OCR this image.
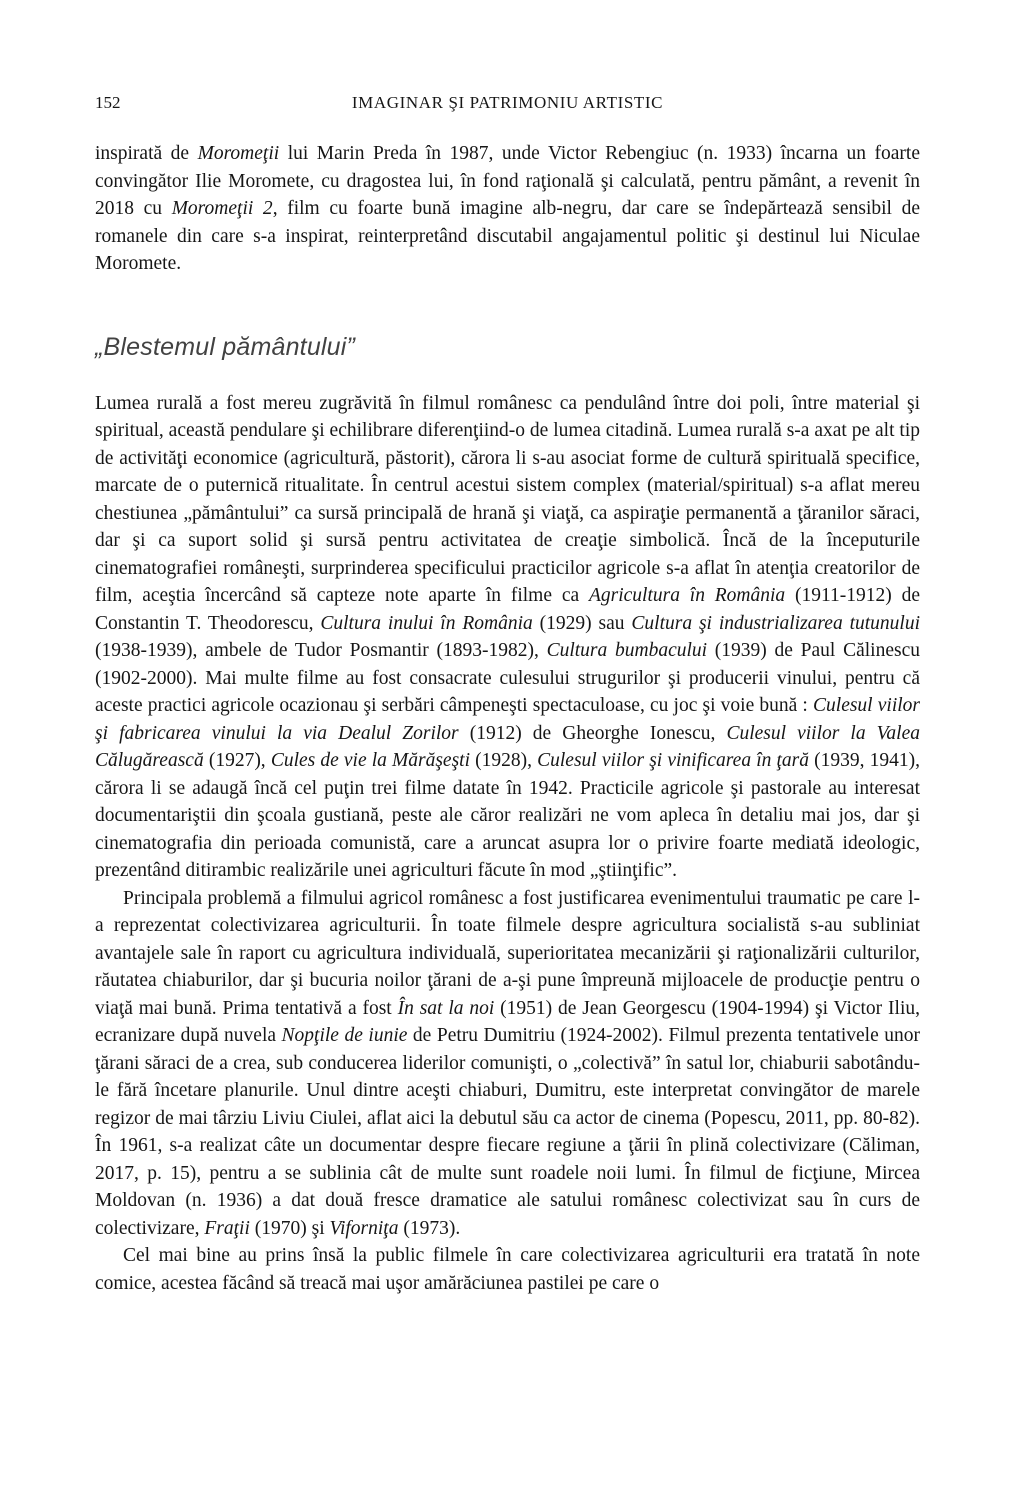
152	IMAGINAR ŞI PATRIMONIU ARTISTIC

inspirată de Moromeţii lui Marin Preda în 1987, unde Victor Rebengiuc (n. 1933) încarna un foarte convingător Ilie Moromete, cu dragostea lui, în fond raţională şi calculată, pentru pământ, a revenit în 2018 cu Moromeţii 2, film cu foarte bună imagine alb-negru, dar care se îndepărtează sensibil de romanele din care s-a inspirat, reinterpretând discutabil angajamentul politic şi destinul lui Niculae Moromete.

„Blestemul pământului”

Lumea rurală a fost mereu zugrăvită în filmul românesc ca pendulând între doi poli, între material şi spiritual, această pendulare şi echilibrare diferenţiind-o de lumea citadină. Lumea rurală s-a axat pe alt tip de activităţi economice (agricultură, păstorit), cărora li s-au asociat forme de cultură spirituală specifice, marcate de o puternică ritualitate. În centrul acestui sistem complex (material/spiritual) s-a aflat mereu chestiunea „pământului” ca sursă principală de hrană şi viaţă, ca aspiraţie permanentă a ţăranilor săraci, dar şi ca suport solid şi sursă pentru activitatea de creaţie simbolică. Încă de la începuturile cinematografiei româneşti, surprinderea specificului practicilor agricole s-a aflat în atenţia creatorilor de film, aceştia încercând să capteze note aparte în filme ca Agricultura în România (1911-1912) de Constantin T. Theodorescu, Cultura inului în România (1929) sau Cultura şi industrializarea tutunului (1938-1939), ambele de Tudor Posmantir (1893-1982), Cultura bumbacului (1939) de Paul Călinescu (1902-2000). Mai multe filme au fost consacrate culesului strugurilor şi producerii vinului, pentru că aceste practici agricole ocazionau şi serbări câmpeneşti spectaculoase, cu joc şi voie bună : Culesul viilor şi fabricarea vinului la via Dealul Zorilor (1912) de Gheorghe Ionescu, Culesul viilor la Valea Călugărească (1927), Cules de vie la Mărăşeşti (1928), Culesul viilor şi vinificarea în ţară (1939, 1941), cărora li se adaugă încă cel puţin trei filme datate în 1942. Practicile agricole şi pastorale au interesat documentariştii din şcoala gustiană, peste ale căror realizări ne vom apleca în detaliu mai jos, dar şi cinematografia din perioada comunistă, care a aruncat asupra lor o privire foarte mediată ideologic, prezentând ditirambic realizările unei agriculturi făcute în mod „ştiinţific”.

Principala problemă a filmului agricol românesc a fost justificarea evenimentului traumatic pe care l-a reprezentat colectivizarea agriculturii. În toate filmele despre agricultura socialistă s-au subliniat avantajele sale în raport cu agricultura individuală, superioritatea mecanizării şi raţionalizării culturilor, răutatea chiaburilor, dar şi bucuria noilor ţărani de a-şi pune împreună mijloacele de producţie pentru o viaţă mai bună. Prima tentativă a fost În sat la noi (1951) de Jean Georgescu (1904-1994) şi Victor Iliu, ecranizare după nuvela Nopţile de iunie de Petru Dumitriu (1924-2002). Filmul prezenta tentativele unor ţărani săraci de a crea, sub conducerea liderilor comunişti, o „colectivă” în satul lor, chiaburii sabotându-le fără încetare planurile. Unul dintre aceşti chiaburi, Dumitru, este interpretat convingător de marele regizor de mai târziu Liviu Ciulei, aflat aici la debutul său ca actor de cinema (Popescu, 2011, pp. 80-82). În 1961, s-a realizat câte un documentar despre fiecare regiune a ţării în plină colectivizare (Căliman, 2017, p. 15), pentru a se sublinia cât de multe sunt roadele noii lumi. În filmul de ficţiune, Mircea Moldovan (n. 1936) a dat două fresce dramatice ale satului românesc colectivizat sau în curs de colectivizare, Fraţii (1970) şi Viforniţa (1973).

Cel mai bine au prins însă la public filmele în care colectivizarea agriculturii era tratată în note comice, acestea făcând să treacă mai uşor amărăciunea pastilei pe care o
